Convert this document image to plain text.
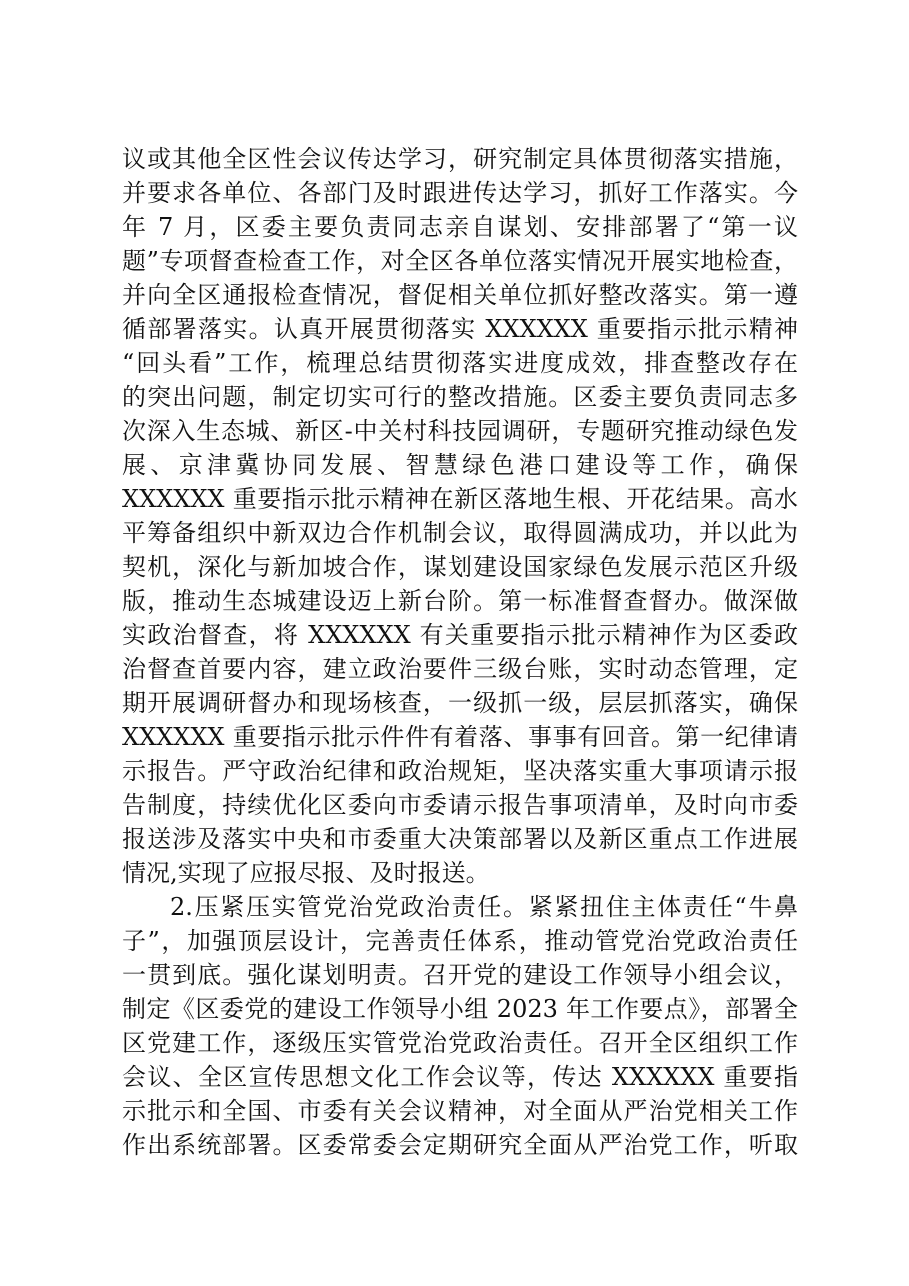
议或其他全区性会议传达学习，研究制定具体贯彻落实措施，
并要求各单位、各部门及时跟进传达学习，抓好工作落实。今
年 7 月，区委主要负责同志亲自谋划、安排部署了“第一议
题”专项督查检查工作，对全区各单位落实情况开展实地检查，
并向全区通报检查情况，督促相关单位抓好整改落实。第一遵
循部署落实。认真开展贯彻落实 XXXXXX 重要指示批示精神
“回头看”工作，梳理总结贯彻落实进度成效，排查整改存在
的突出问题，制定切实可行的整改措施。区委主要负责同志多
次深入生态城、新区-中关村科技园调研，专题研究推动绿色发
展、京津冀协同发展、智慧绿色港口建设等工作，确保
XXXXXX 重要指示批示精神在新区落地生根、开花结果。高水
平筹备组织中新双边合作机制会议，取得圆满成功，并以此为
契机，深化与新加坡合作，谋划建设国家绿色发展示范区升级
版，推动生态城建设迈上新台阶。第一标准督查督办。做深做
实政治督查，将 XXXXXX 有关重要指示批示精神作为区委政
治督查首要内容，建立政治要件三级台账，实时动态管理，定
期开展调研督办和现场核查，一级抓一级，层层抓落实，确保
XXXXXX 重要指示批示件件有着落、事事有回音。第一纪律请
示报告。严守政治纪律和政治规矩，坚决落实重大事项请示报
告制度，持续优化区委向市委请示报告事项清单，及时向市委
报送涉及落实中央和市委重大决策部署以及新区重点工作进展
情况,实现了应报尽报、及时报送。
2.压紧压实管党治党政治责任。紧紧扭住主体责任“牛鼻
子”，加强顶层设计，完善责任体系，推动管党治党政治责任
一贯到底。强化谋划明责。召开党的建设工作领导小组会议，
制定《区委党的建设工作领导小组 2023 年工作要点》，部署全
区党建工作，逐级压实管党治党政治责任。召开全区组织工作
会议、全区宣传思想文化工作会议等，传达 XXXXXX 重要指
示批示和全国、市委有关会议精神，对全面从严治党相关工作
作出系统部署。区委常委会定期研究全面从严治党工作，听取
